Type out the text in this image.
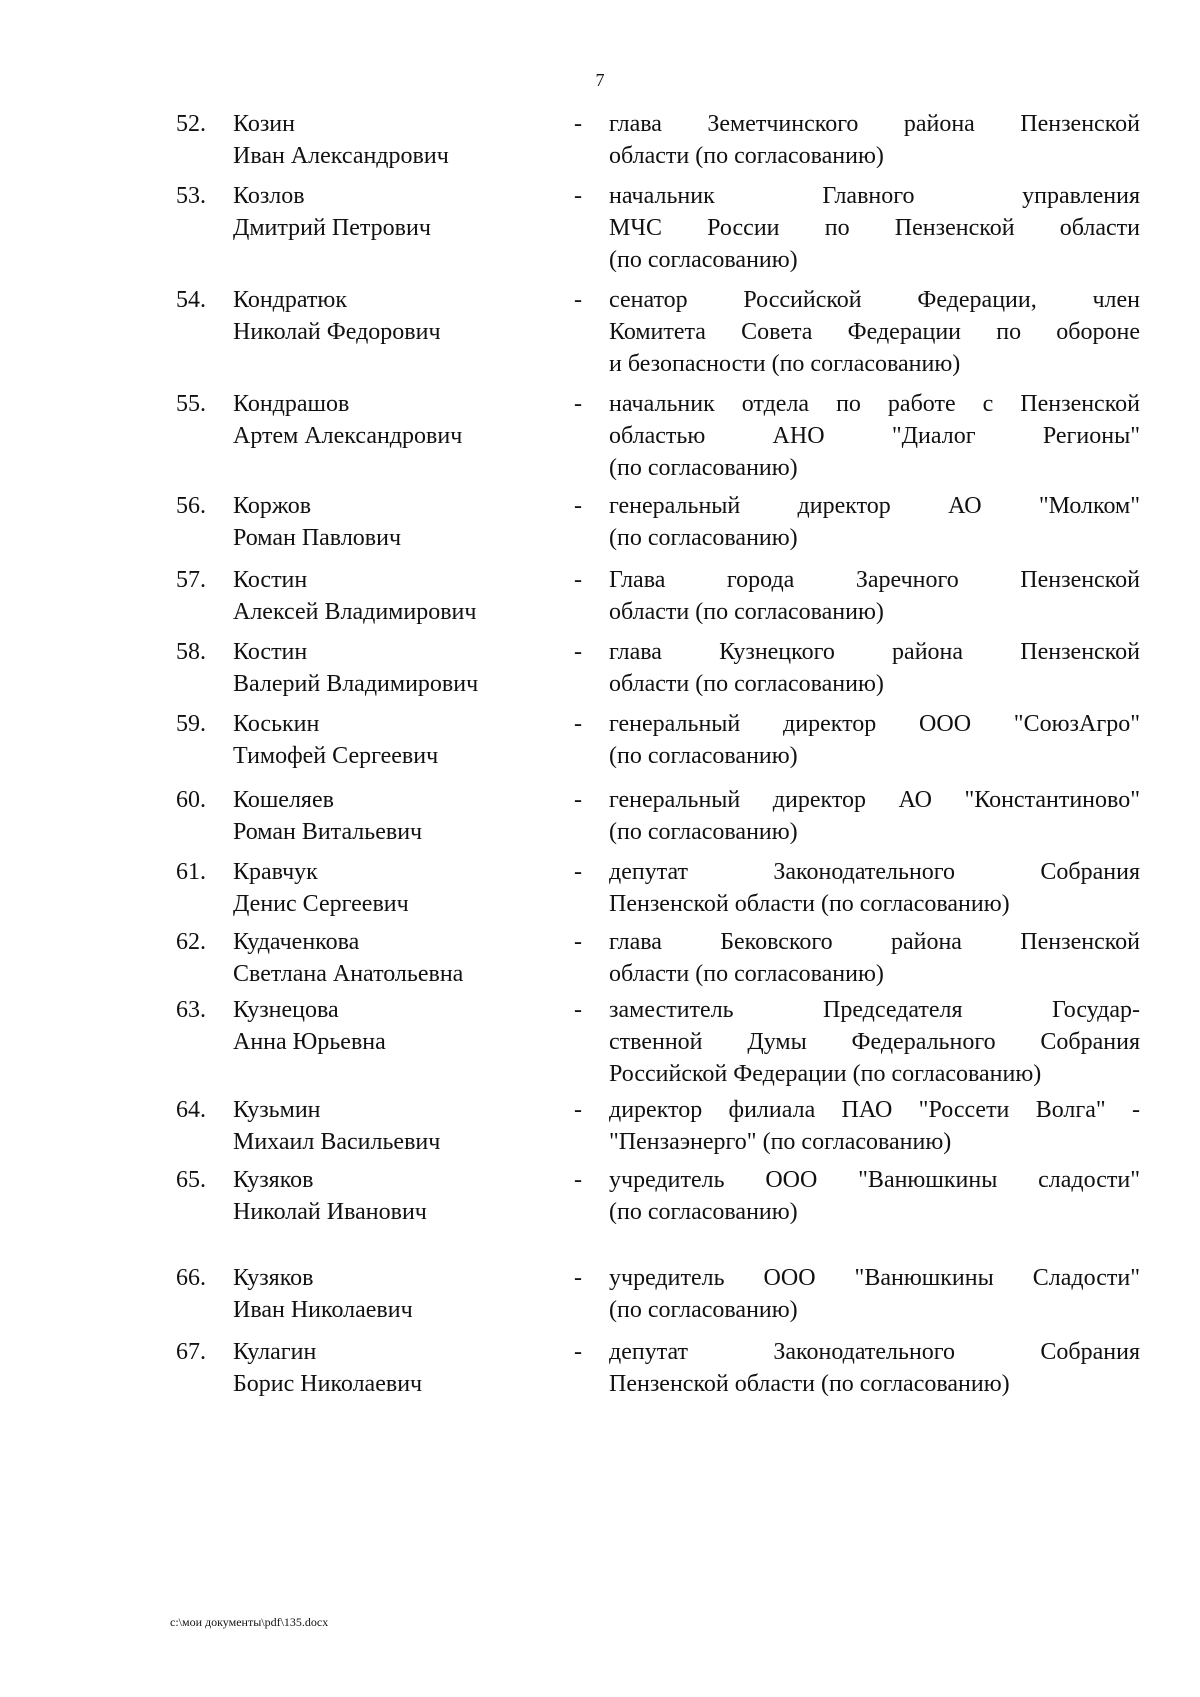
7
52. Козин
Иван Александрович
- глава Земетчинского района Пензенской
области (по согласованию)
53. Козлов
Дмитрий Петрович
- начальник Главного управления
МЧС России по Пензенской области
(по согласованию)
54. Кондратюк
Николай Федорович
- сенатор Российской Федерации, член
Комитета Совета Федерации по обороне
и безопасности (по согласованию)
55. Кондрашов
Артем Александрович
- начальник отдела по работе с Пензенской
областью АНО "Диалог Регионы"
(по согласованию)
56. Коржов
Роман Павлович
- генеральный директор АО "Молком"
(по согласованию)
57. Костин
Алексей Владимирович
- Глава города Заречного Пензенской
области (по согласованию)
58. Костин
Валерий Владимирович
- глава Кузнецкого района Пензенской
области (по согласованию)
59. Коськин
Тимофей Сергеевич
- генеральный директор ООО "СоюзАгро"
(по согласованию)
60. Кошеляев
Роман Витальевич
- генеральный директор АО "Константиново"
(по согласованию)
61. Кравчук
Денис Сергеевич
- депутат Законодательного Собрания
Пензенской области (по согласованию)
62. Кудаченкова
Светлана Анатольевна
- глава Бековского района Пензенской
области (по согласованию)
63. Кузнецова
Анна Юрьевна
- заместитель Председателя Государ-
ственной Думы Федерального Собрания
Российской Федерации (по согласованию)
64. Кузьмин
Михаил Васильевич
- директор филиала ПАО "Россети Волга" -
"Пензаэнерго" (по согласованию)
65. Кузяков
Николай Иванович
- учредитель ООО "Ванюшкины сладости"
(по согласованию)
66. Кузяков
Иван Николаевич
- учредитель ООО "Ванюшкины Сладости"
(по согласованию)
67. Кулагин
Борис Николаевич
- депутат Законодательного Собрания
Пензенской области (по согласованию)
c:\мои документы\pdf\135.docx
